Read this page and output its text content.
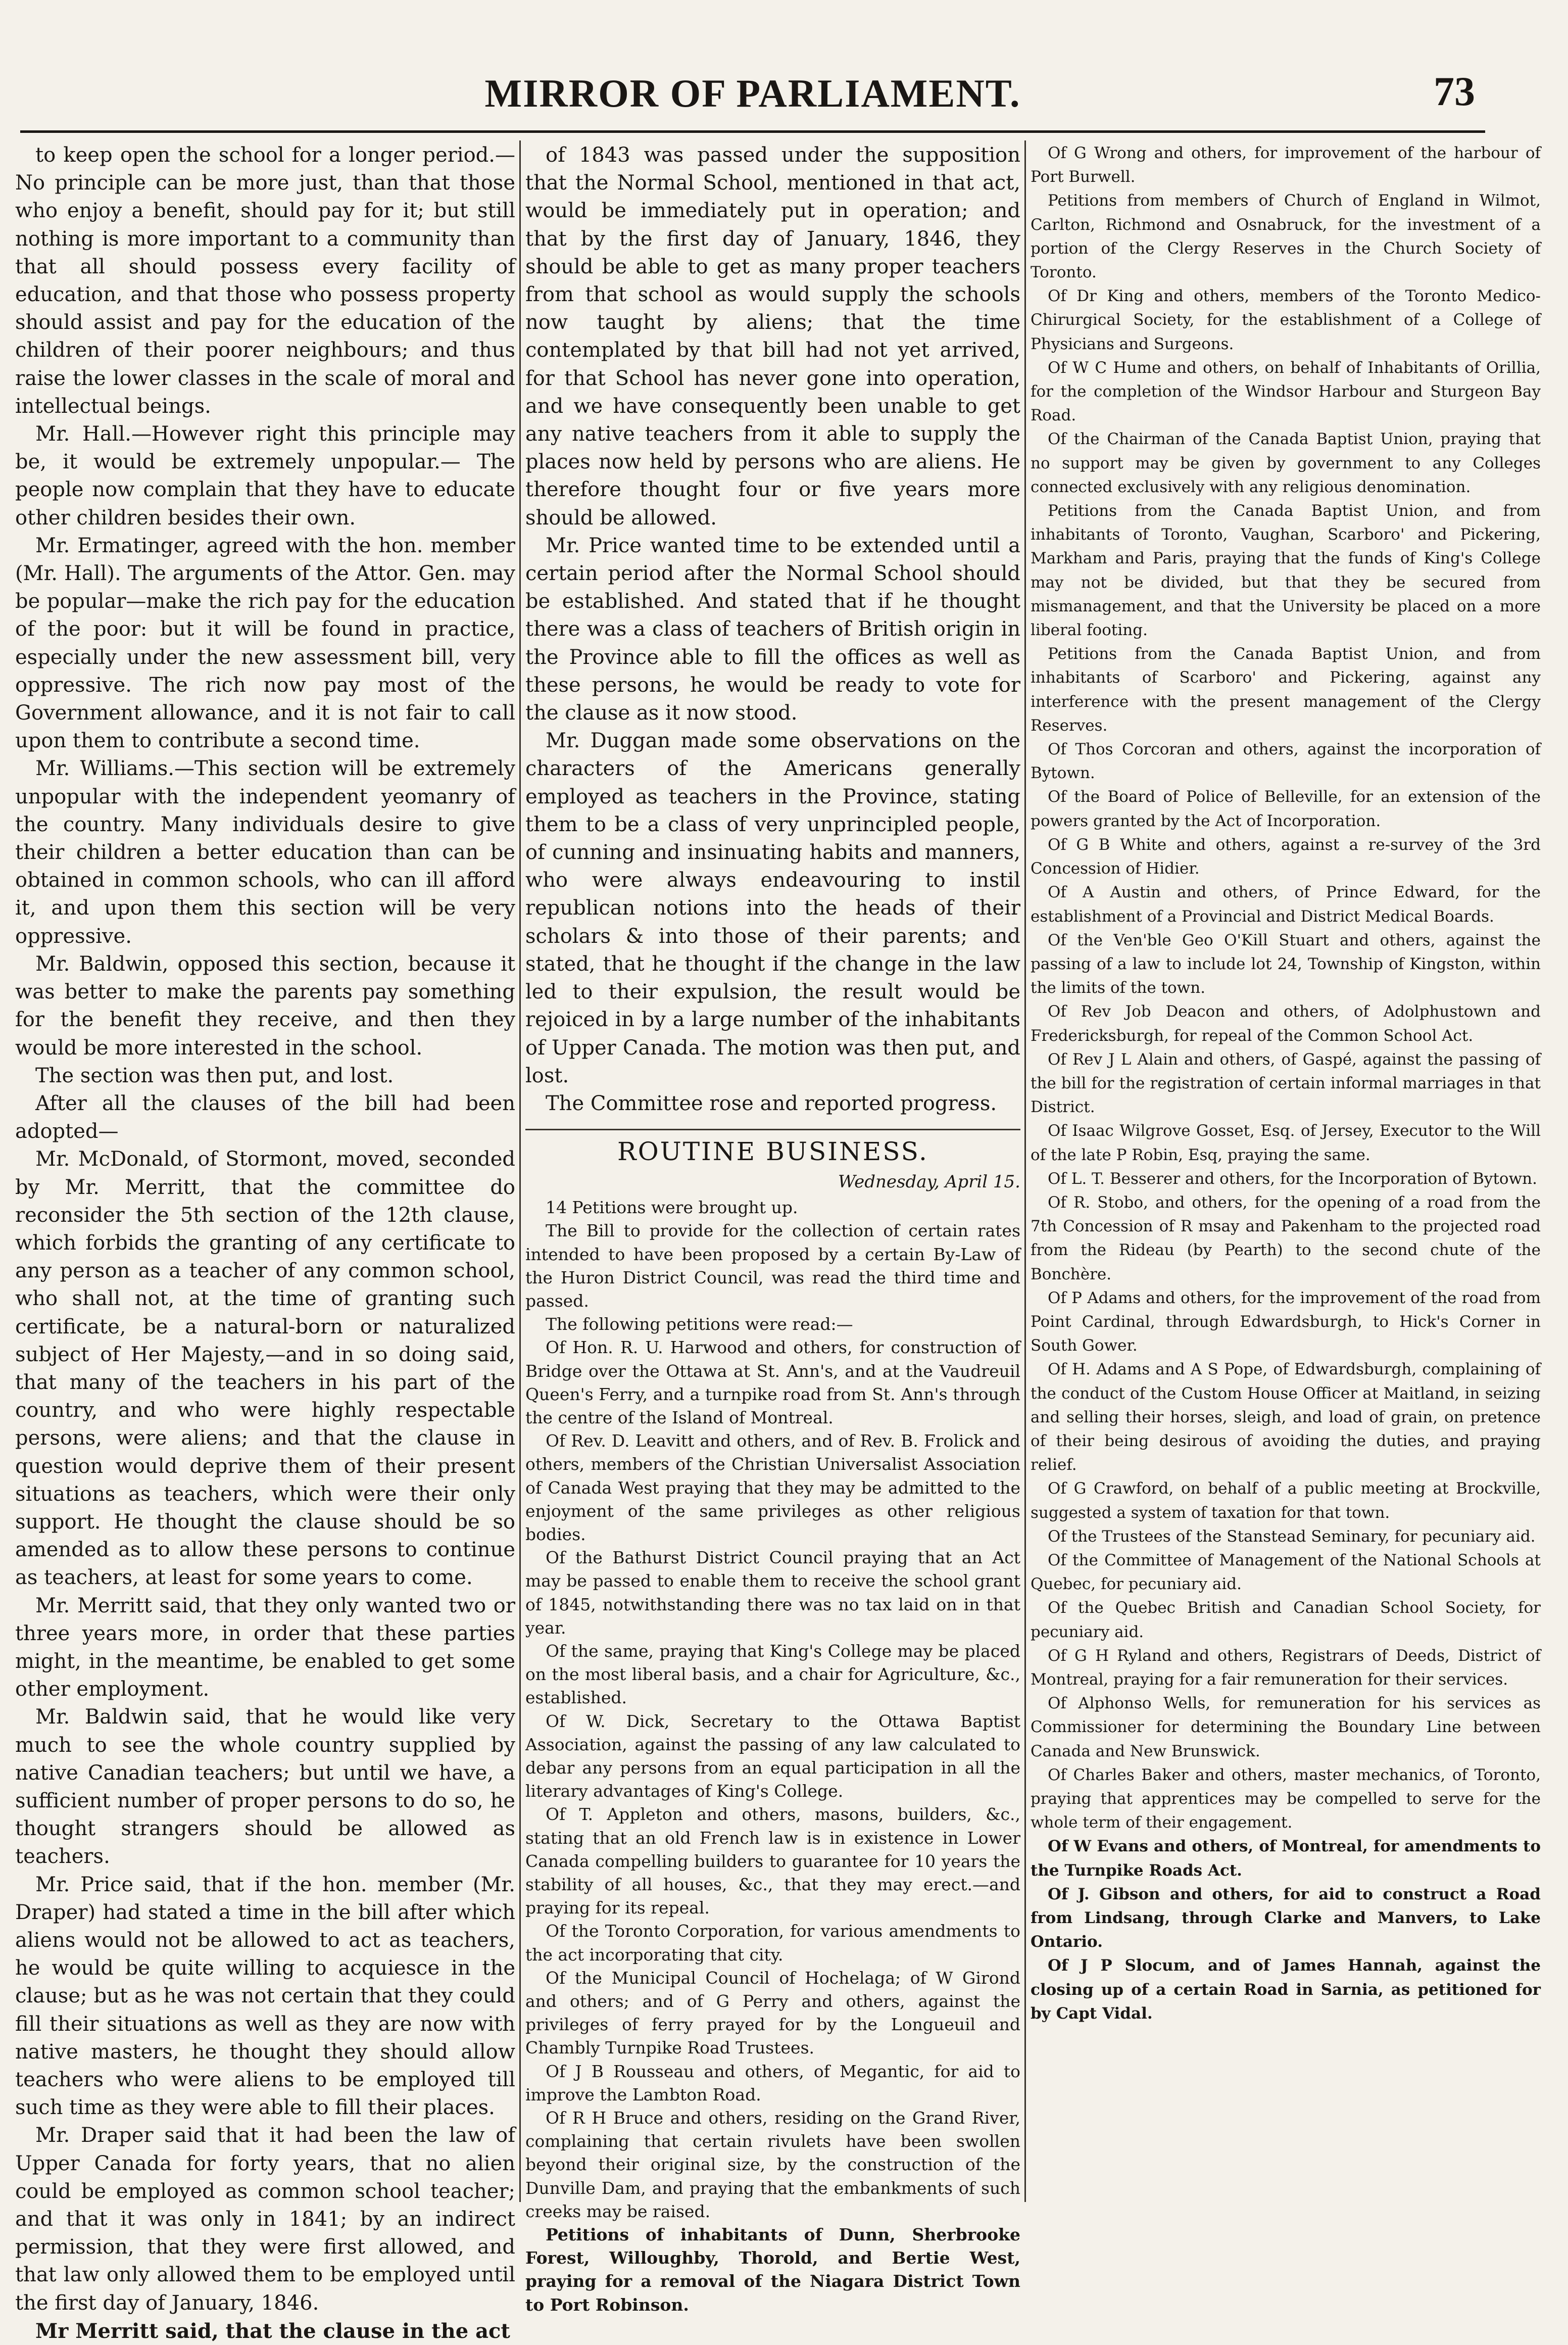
MIRROR OF PARLIAMENT.	73

to keep open the school for a longer period.— No principle can be more just, than that those who enjoy a benefit, should pay for it; but still nothing is more important to a community than that all should possess every facility of education, and that those who possess property should assist and pay for the education of the children of their poorer neighbours; and thus raise the lower classes in the scale of moral and intellectual beings.

Mr. Hall.—However right this principle may be, it would be extremely unpopular.— The people now complain that they have to educate other children besides their own.

Mr. Ermatinger, agreed with the hon. member (Mr. Hall). The arguments of the Attor. Gen. may be popular—make the rich pay for the education of the poor: but it will be found in practice, especially under the new assessment bill, very oppressive. The rich now pay most of the Government allowance, and it is not fair to call upon them to contribute a second time.

Mr. Williams.—This section will be extremely unpopular with the independent yeomanry of the country. Many individuals desire to give their children a better education than can be obtained in common schools, who can ill afford it, and upon them this section will be very oppressive.

Mr. Baldwin, opposed this section, because it was better to make the parents pay something for the benefit they receive, and then they would be more interested in the school.

The section was then put, and lost.

After all the clauses of the bill had been adopted—

Mr. McDonald, of Stormont, moved, seconded by Mr. Merritt, that the committee do reconsider the 5th section of the 12th clause, which forbids the granting of any certificate to any person as a teacher of any common school, who shall not, at the time of granting such certificate, be a natural-born or naturalized subject of Her Majesty,—and in so doing said, that many of the teachers in his part of the country, and who were highly respectable persons, were aliens; and that the clause in question would deprive them of their present situations as teachers, which were their only support. He thought the clause should be so amended as to allow these persons to continue as teachers, at least for some years to come.

Mr. Merritt said, that they only wanted two or three years more, in order that these parties might, in the meantime, be enabled to get some other employment.

Mr. Baldwin said, that he would like very much to see the whole country supplied by native Canadian teachers; but until we have, a sufficient number of proper persons to do so, he thought strangers should be allowed as teachers.

Mr. Price said, that if the hon. member (Mr. Draper) had stated a time in the bill after which aliens would not be allowed to act as teachers, he would be quite willing to acquiesce in the clause; but as he was not certain that they could fill their situations as well as they are now with native masters, he thought they should allow teachers who were aliens to be employed till such time as they were able to fill their places.

Mr. Draper said that it had been the law of Upper Canada for forty years, that no alien could be employed as common school teacher; and that it was only in 1841; by an indirect permission, that they were first allowed, and that law only allowed them to be employed until the first day of January, 1846.

Mr Merritt said, that the clause in the act

of 1843 was passed under the supposition that the Normal School, mentioned in that act, would be immediately put in operation; and that by the first day of January, 1846, they should be able to get as many proper teachers from that school as would supply the schools now taught by aliens; that the time contemplated by that bill had not yet arrived, for that School has never gone into operation, and we have consequently been unable to get any native teachers from it able to supply the places now held by persons who are aliens. He therefore thought four or five years more should be allowed.

Mr. Price wanted time to be extended until a certain period after the Normal School should be established. And stated that if he thought there was a class of teachers of British origin in the Province able to fill the offices as well as these persons, he would be ready to vote for the clause as it now stood.

Mr. Duggan made some observations on the characters of the Americans generally employed as teachers in the Province, stating them to be a class of very unprincipled people, of cunning and insinuating habits and manners, who were always endeavouring to instil republican notions into the heads of their scholars & into those of their parents; and stated, that he thought if the change in the law led to their expulsion, the result would be rejoiced in by a large number of the inhabitants of Upper Canada. The motion was then put, and lost.

The Committee rose and reported progress.

ROUTINE BUSINESS.
Wednesday, April 15.

14 Petitions were brought up.

The Bill to provide for the collection of certain rates intended to have been proposed by a certain By-Law of the Huron District Council, was read the third time and passed.

The following petitions were read:—

Of Hon. R. U. Harwood and others, for construction of Bridge over the Ottawa at St. Ann's, and at the Vaudreuil Queen's Ferry, and a turnpike road from St. Ann's through the centre of the Island of Montreal.

Of Rev. D. Leavitt and others, and of Rev. B. Frolick and others, members of the Christian Universalist Association of Canada West praying that they may be admitted to the enjoyment of the same privileges as other religious bodies.

Of the Bathurst District Council praying that an Act may be passed to enable them to receive the school grant of 1845, notwithstanding there was no tax laid on in that year.

Of the same, praying that King's College may be placed on the most liberal basis, and a chair for Agriculture, &c., established.

Of W. Dick, Secretary to the Ottawa Baptist Association, against the passing of any law calculated to debar any persons from an equal participation in all the literary advantages of King's College.

Of T. Appleton and others, masons, builders, &c., stating that an old French law is in existence in Lower Canada compelling builders to guarantee for 10 years the stability of all houses, &c., that they may erect.—and praying for its repeal.

Of the Toronto Corporation, for various amendments to the act incorporating that city.

Of the Municipal Council of Hochelaga; of W Girond and others; and of G Perry and others, against the privileges of ferry prayed for by the Longueuil and Chambly Turnpike Road Trustees.

Of J B Rousseau and others, of Megantic, for aid to improve the Lambton Road.

Of R H Bruce and others, residing on the Grand River, complaining that certain rivulets have been swollen beyond their original size, by the construction of the Dunville Dam, and praying that the embankments of such creeks may be raised.

Petitions of inhabitants of Dunn, Sherbrooke Forest, Willoughby, Thorold, and Bertie West, praying for a removal of the Niagara District Town to Port Robinson.

Of G Wrong and others, for improvement of the harbour of Port Burwell.

Petitions from members of Church of England in Wilmot, Carlton, Richmond and Osnabruck, for the investment of a portion of the Clergy Reserves in the Church Society of Toronto.

Of Dr King and others, members of the Toronto Medico-Chirurgical Society, for the establishment of a College of Physicians and Surgeons.

Of W C Hume and others, on behalf of Inhabitants of Orillia, for the completion of the Windsor Harbour and Sturgeon Bay Road.

Of the Chairman of the Canada Baptist Union, praying that no support may be given by government to any Colleges connected exclusively with any religious denomination.

Petitions from the Canada Baptist Union, and from inhabitants of Toronto, Vaughan, Scarboro' and Pickering, Markham and Paris, praying that the funds of King's College may not be divided, but that they be secured from mismanagement, and that the University be placed on a more liberal footing.

Petitions from the Canada Baptist Union, and from inhabitants of Scarboro' and Pickering, against any interference with the present management of the Clergy Reserves.

Of Thos Corcoran and others, against the incorporation of Bytown.

Of the Board of Police of Belleville, for an extension of the powers granted by the Act of Incorporation.

Of G B White and others, against a re-survey of the 3rd Concession of Hidier.

Of A Austin and others, of Prince Edward, for the establishment of a Provincial and District Medical Boards.

Of the Ven'ble Geo O'Kill Stuart and others, against the passing of a law to include lot 24, Township of Kingston, within the limits of the town.

Of Rev Job Deacon and others, of Adolphustown and Fredericksburgh, for repeal of the Common School Act.

Of Rev J L Alain and others, of Gaspé, against the passing of the bill for the registration of certain informal marriages in that District.

Of Isaac Wilgrove Gosset, Esq. of Jersey, Executor to the Will of the late P Robin, Esq, praying the same.

Of L. T. Besserer and others, for the Incorporation of Bytown.

Of R. Stobo, and others, for the opening of a road from the 7th Concession of R msay and Pakenham to the projected road from the Rideau (by Pearth) to the second chute of the Bonchère.

Of P Adams and others, for the improvement of the road from Point Cardinal, through Edwardsburgh, to Hick's Corner in South Gower.

Of H. Adams and A S Pope, of Edwardsburgh, complaining of the conduct of the Custom House Officer at Maitland, in seizing and selling their horses, sleigh, and load of grain, on pretence of their being desirous of avoiding the duties, and praying relief.

Of G Crawford, on behalf of a public meeting at Brockville, suggested a system of taxation for that town.

Of the Trustees of the Stanstead Seminary, for pecuniary aid.

Of the Committee of Management of the National Schools at Quebec, for pecuniary aid.

Of the Quebec British and Canadian School Society, for pecuniary aid.

Of G H Ryland and others, Registrars of Deeds, District of Montreal, praying for a fair remuneration for their services.

Of Alphonso Wells, for remuneration for his services as Commissioner for determining the Boundary Line between Canada and New Brunswick.

Of Charles Baker and others, master mechanics, of Toronto, praying that apprentices may be compelled to serve for the whole term of their engagement.

Of W Evans and others, of Montreal, for amendments to the Turnpike Roads Act.

Of J. Gibson and others, for aid to construct a Road from Lindsang, through Clarke and Manvers, to Lake Ontario.

Of J P Slocum, and of James Hannah, against the closing up of a certain Road in Sarnia, as petitioned for by Capt Vidal.
